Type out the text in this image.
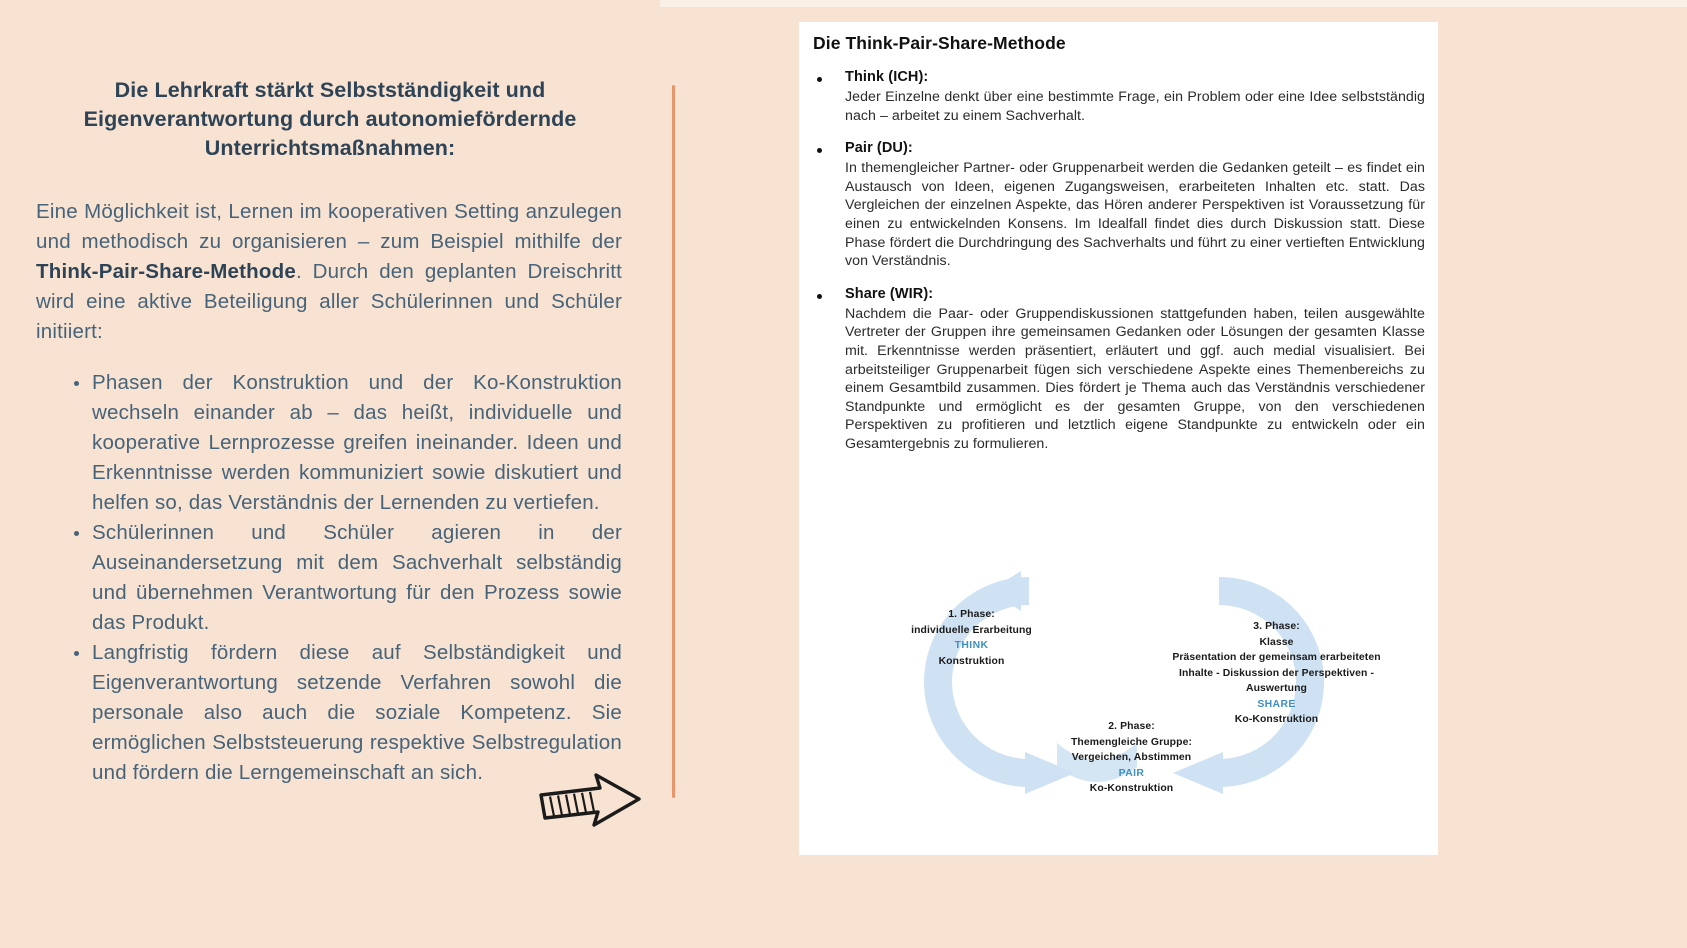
Die Lehrkraft stärkt Selbstständigkeit und Eigenverantwortung durch autonomiefördernde Unterrichtsmaßnahmen:

Eine Möglichkeit ist, Lernen im kooperativen Setting anzulegen und methodisch zu organisieren – zum Beispiel mithilfe der Think-Pair-Share-Methode. Durch den geplanten Dreischritt wird eine aktive Beteiligung aller Schülerinnen und Schüler initiiert:

Phasen der Konstruktion und der Ko-Konstruktion wechseln einander ab – das heißt, individuelle und kooperative Lernprozesse greifen ineinander. Ideen und Erkenntnisse werden kommuniziert sowie diskutiert und helfen so, das Verständnis der Lernenden zu vertiefen.
Schülerinnen und Schüler agieren in der Auseinandersetzung mit dem Sachverhalt selbständig und übernehmen Verantwortung für den Prozess sowie das Produkt.
Langfristig fördern diese auf Selbständigkeit und Eigenverantwortung setzende Verfahren sowohl die personale also auch die soziale Kompetenz. Sie ermöglichen Selbststeuerung respektive Selbstregulation und fördern die Lerngemeinschaft an sich.
Die Think-Pair-Share-Methode
Think (ICH):
Jeder Einzelne denkt über eine bestimmte Frage, ein Problem oder eine Idee selbstständig nach – arbeitet zu einem Sachverhalt.
Pair (DU):
In themengleicher Partner- oder Gruppenarbeit werden die Gedanken geteilt – es findet ein Austausch von Ideen, eigenen Zugangsweisen, erarbeiteten Inhalten etc. statt. Das Vergleichen der einzelnen Aspekte, das Hören anderer Perspektiven ist Voraussetzung für einen zu entwickelnden Konsens. Im Idealfall findet dies durch Diskussion statt. Diese Phase fördert die Durchdringung des Sachverhalts und führt zu einer vertieften Entwicklung von Verständnis.
Share (WIR):
Nachdem die Paar- oder Gruppendiskussionen stattgefunden haben, teilen ausgewählte Vertreter der Gruppen ihre gemeinsamen Gedanken oder Lösungen der gesamten Klasse mit. Erkenntnisse werden präsentiert, erläutert und ggf. auch medial visualisiert. Bei arbeitsteiliger Gruppenarbeit fügen sich verschiedene Aspekte eines Themenbereichs zu einem Gesamtbild zusammen. Dies fördert je Thema auch das Verständnis verschiedener Standpunkte und ermöglicht es der gesamten Gruppe, von den verschiedenen Perspektiven zu profitieren und letztlich eigene Standpunkte zu entwickeln oder ein Gesamtergebnis zu formulieren.
1. Phase:
individuelle Erarbeitung
THINK
Konstruktion
2. Phase:
Themengleiche Gruppe:
Vergeichen, Abstimmen
PAIR
Ko-Konstruktion
3. Phase:
Klasse
Präsentation der gemeinsam erarbeiteten Inhalte - Diskussion der Perspektiven - Auswertung
SHARE
Ko-Konstruktion
